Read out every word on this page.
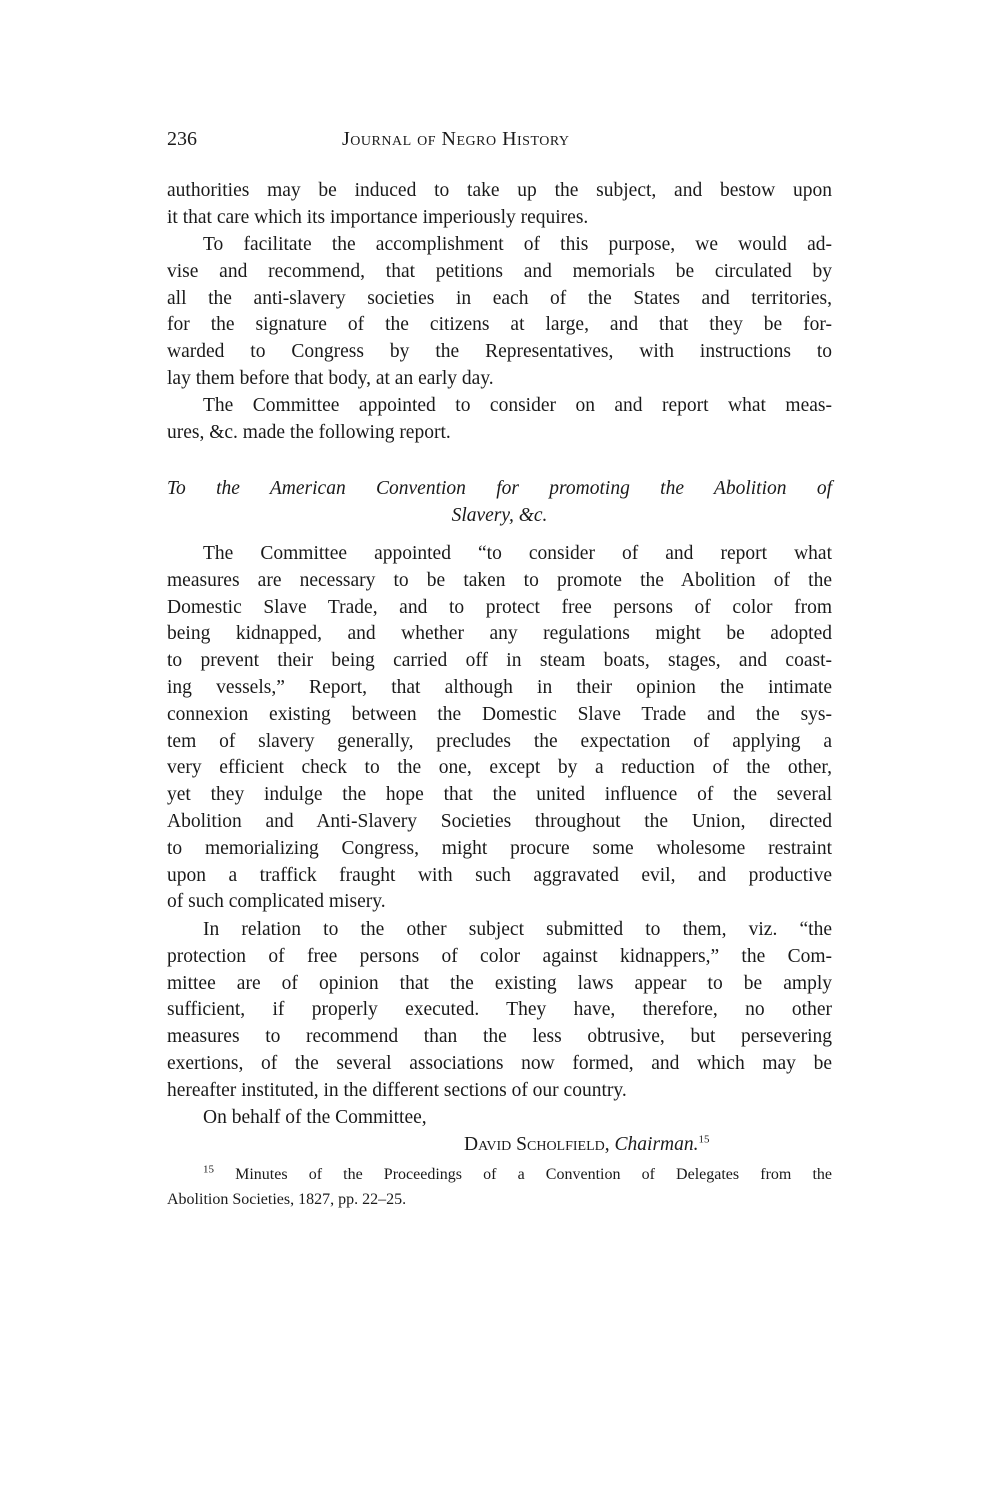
236	Journal of Negro History
authorities may be induced to take up the subject, and bestow upon
it that care which its importance imperiously requires.
To facilitate the accomplishment of this purpose, we would ad-
vise and recommend, that petitions and memorials be circulated by
all the anti-slavery societies in each of the States and territories,
for the signature of the citizens at large, and that they be for-
warded to Congress by the Representatives, with instructions to
lay them before that body, at an early day.
The Committee appointed to consider on and report what meas-
ures, &c. made the following report.
To the American Convention for promoting the Abolition of
Slavery, &c.
The Committee appointed “to consider of and report what
measures are necessary to be taken to promote the Abolition of the
Domestic Slave Trade, and to protect free persons of color from
being kidnapped, and whether any regulations might be adopted
to prevent their being carried off in steam boats, stages, and coast-
ing vessels,” Report, that although in their opinion the intimate
connexion existing between the Domestic Slave Trade and the sys-
tem of slavery generally, precludes the expectation of applying a
very efficient check to the one, except by a reduction of the other,
yet they indulge the hope that the united influence of the several
Abolition and Anti-Slavery Societies throughout the Union, directed
to memorializing Congress, might procure some wholesome restraint
upon a traffick fraught with such aggravated evil, and productive
of such complicated misery.
In relation to the other subject submitted to them, viz. “the
protection of free persons of color against kidnappers,” the Com-
mittee are of opinion that the existing laws appear to be amply
sufficient, if properly executed. They have, therefore, no other
measures to recommend than the less obtrusive, but persevering
exertions, of the several associations now formed, and which may be
hereafter instituted, in the different sections of our country.
On behalf of the Committee,
David Scholfield, Chairman.$^{15}$
$^{15}$ Minutes of the Proceedings of a Convention of Delegates from the
Abolition Societies, 1827, pp. 22–25.
